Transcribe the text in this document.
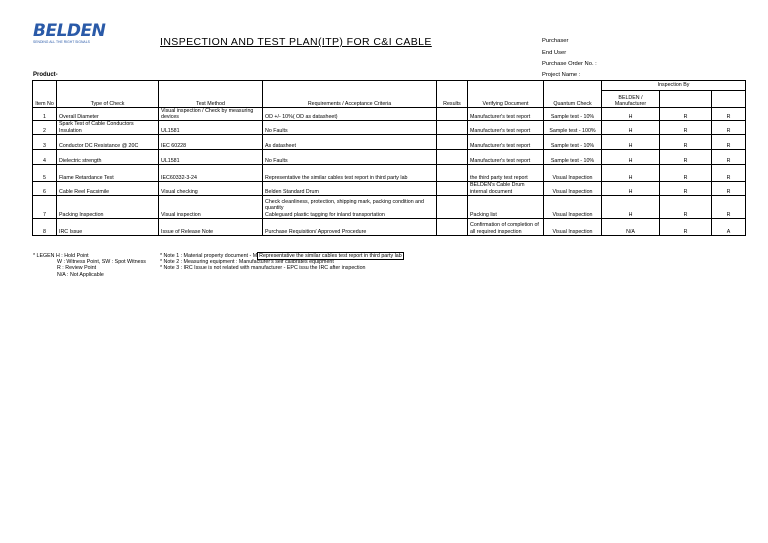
BELDEN
SENDING ALL THE RIGHT SIGNALS	INSPECTION AND TEST PLAN(ITP) FOR C&I CABLE	Purchaser
End User
Purchase Order No. :
Project Name :
Product-
							Inspection By		
Item No	Type of Check	Test Method	Requirements / Acceptance Criteria	Results	Verifying Document	Quantum Check	BELDEN / Manufacturer		
1	Overall Diameter	Visual inspection / Check by measuring devices	OD +/- 10%( OD as datasheet)		Manufacturer's test report	Sample test - 10%	H	R	R
2	Spark Test of Cable Conductors Insulation	UL1581	No Faults		Manufacturer's test report	Sample test - 100%	H	R	R
3	Conductor DC Resistance @ 20C	IEC 60228	As datasheet		Manufacturer's test report	Sample test - 10%	H	R	R
4	Dielectric strength	UL1581	No Faults		Manufacturer's test report	Sample test - 10%	H	R	R
5	Flame Retardance Test	IEC60332-3-24	Representative the similar cables test report in third party lab		the third party test report	Visual Inspection	H	R	R
6	Cable Reel Facsimile	Visual checking	Belden Standard Drum		BELDEN's Cable Drum internal document	Visual Inspection	H	R	R
7	Packing Inspection	Visual inspection	Check cleanliness, protection, shipping mark, packing condition and quantity
Cableguard plastic tagging for inland transportation		Packing list	Visual Inspection	H	R	R
8	IRC Issue	Issue of Release Note	Purchase Requisition/ Approved Procedure		Confirmation of completion of all required inspection	Visual Inspection	N/A	R	A
* LEGEN H : Hold Point
W : Witness Point, SW : Spot Witness
R : Review Point
N/A : Not Applicable
* Note 1 : Material property document - M Representative the similar cables test report in third party lab
* Note 2 : Measuring equipment : Manufacturer's self calibrates equipment
* Note 3 : IRC Issue is not related with manufacturer - EPC issu the IRC after inspection
